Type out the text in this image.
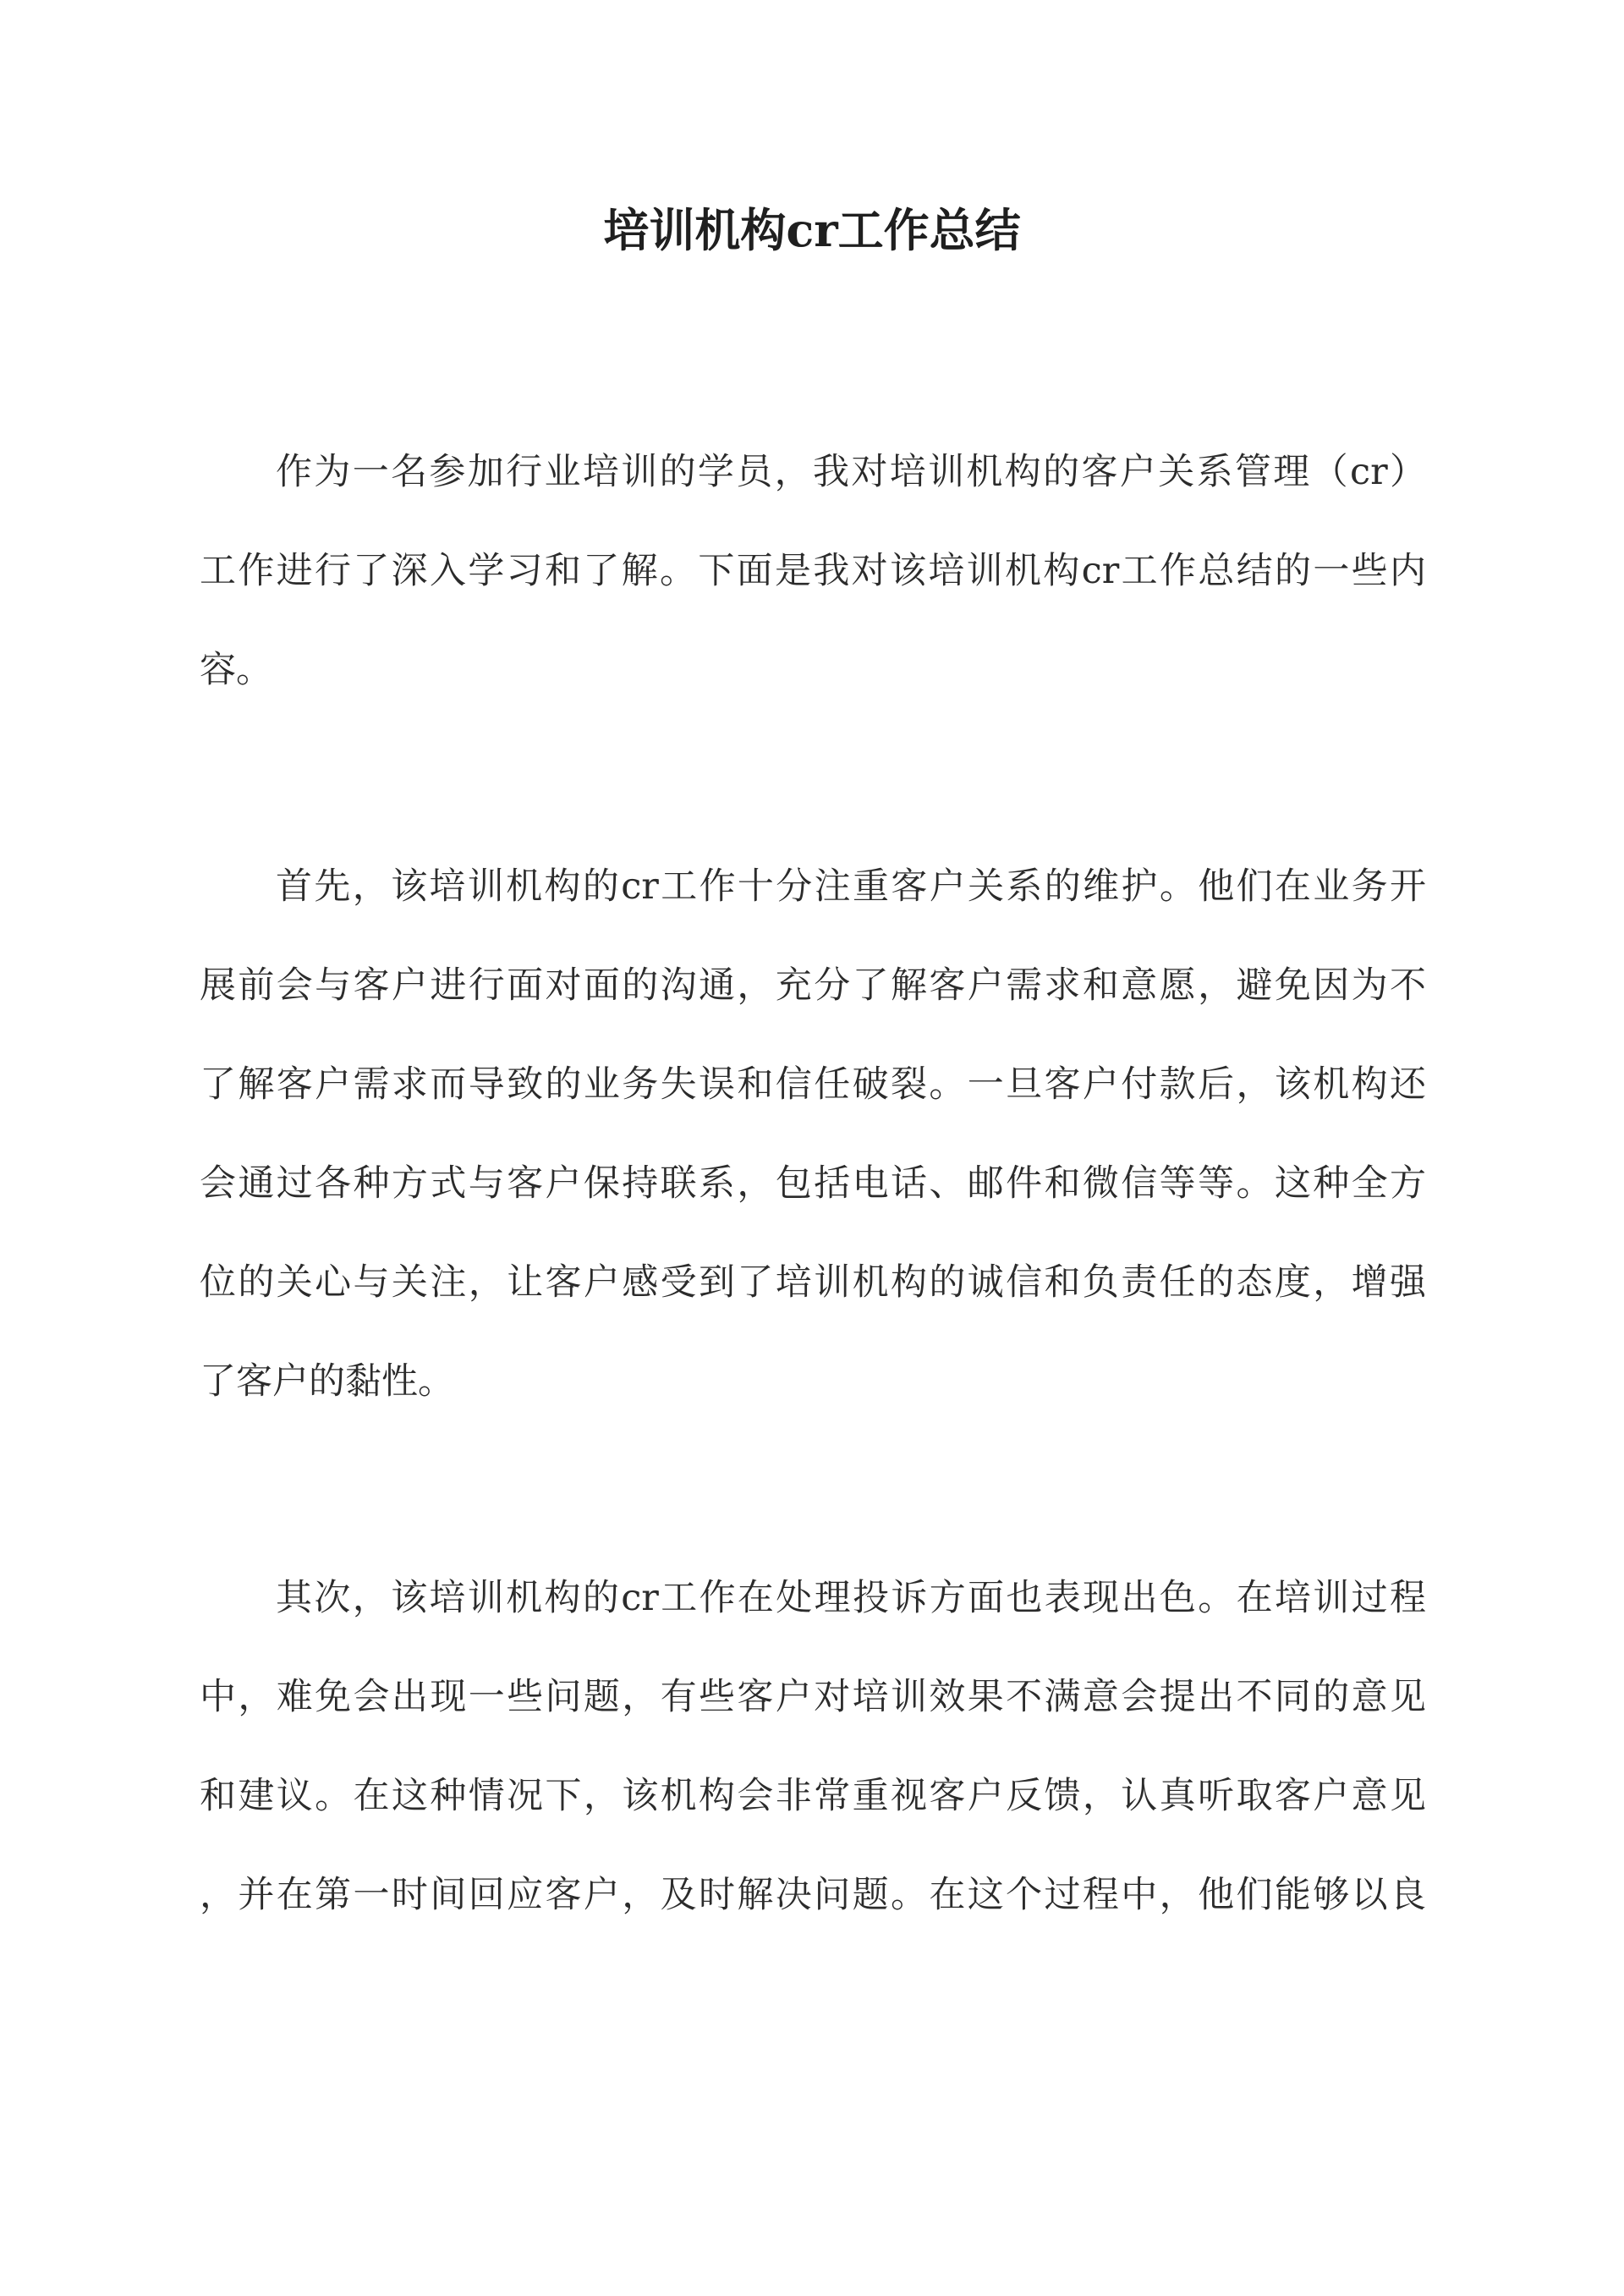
培训机构cr工作总结

作为一名参加行业培训的学员，我对培训机构的客户关系管理（cr）

工作进行了深入学习和了解。下面是我对该培训机构cr工作总结的一些内

容。

首先，该培训机构的cr工作十分注重客户关系的维护。他们在业务开

展前会与客户进行面对面的沟通，充分了解客户需求和意愿，避免因为不

了解客户需求而导致的业务失误和信任破裂。一旦客户付款后，该机构还

会通过各种方式与客户保持联系，包括电话、邮件和微信等等。这种全方

位的关心与关注，让客户感受到了培训机构的诚信和负责任的态度，增强

了客户的黏性。

其次，该培训机构的cr工作在处理投诉方面也表现出色。在培训过程

中，难免会出现一些问题，有些客户对培训效果不满意会提出不同的意见

和建议。在这种情况下，该机构会非常重视客户反馈，认真听取客户意见

，并在第一时间回应客户，及时解决问题。在这个过程中，他们能够以良
